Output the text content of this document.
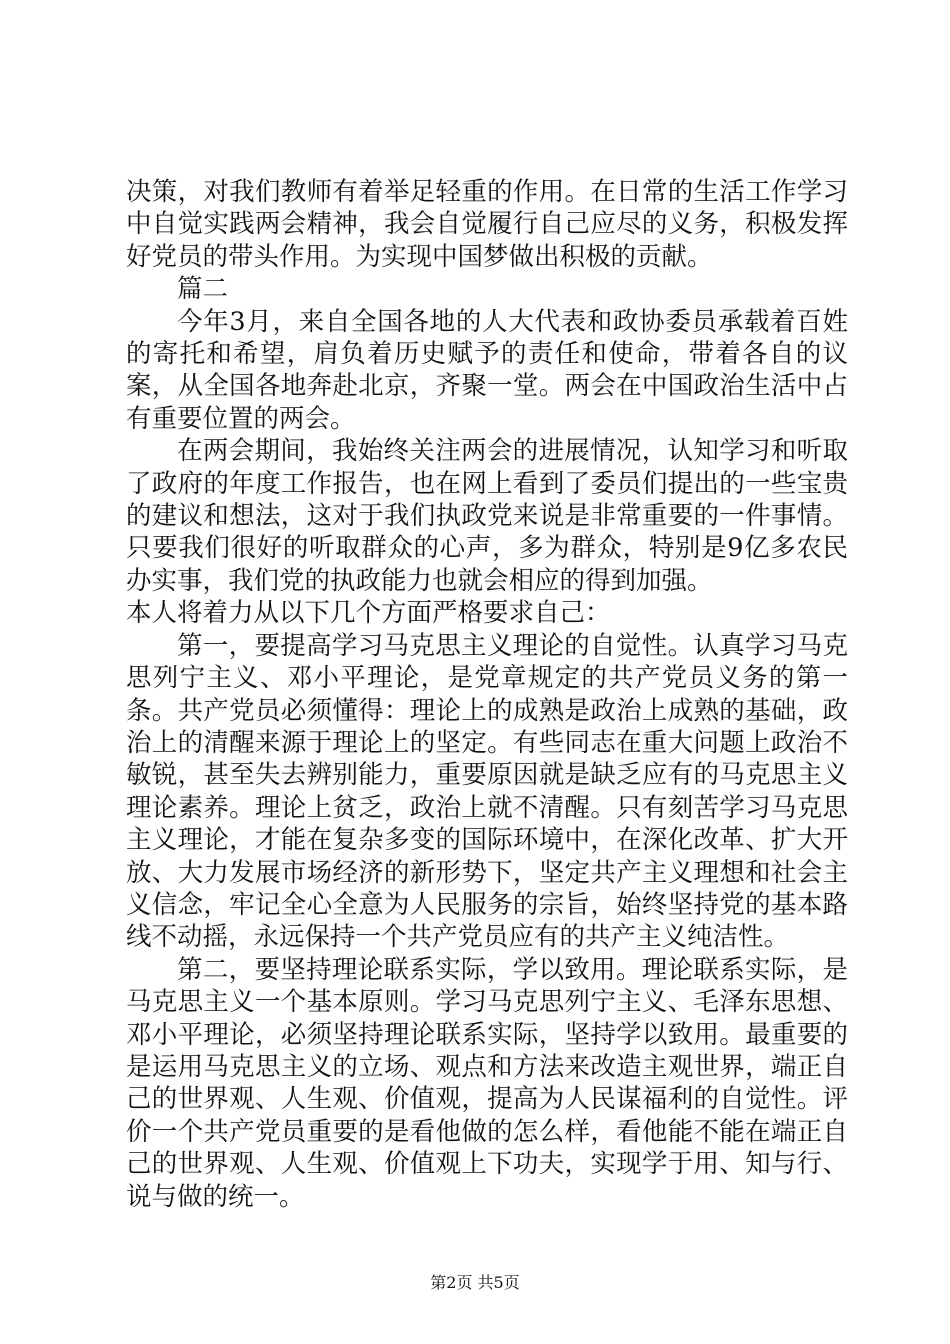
决策，对我们教师有着举足轻重的作用。在日常的生活工作学习中自觉实践两会精神，我会自觉履行自己应尽的义务，积极发挥好党员的带头作用。为实现中国梦做出积极的贡献。

篇二

今年3月，来自全国各地的人大代表和政协委员承载着百姓的寄托和希望，肩负着历史赋予的责任和使命，带着各自的议案，从全国各地奔赴北京，齐聚一堂。两会在中国政治生活中占有重要位置的两会。

在两会期间，我始终关注两会的进展情况，认知学习和听取了政府的年度工作报告，也在网上看到了委员们提出的一些宝贵的建议和想法，这对于我们执政党来说是非常重要的一件事情。只要我们很好的听取群众的心声，多为群众，特别是9亿多农民办实事，我们党的执政能力也就会相应的得到加强。

本人将着力从以下几个方面严格要求自己：

第一，要提高学习马克思主义理论的自觉性。认真学习马克思列宁主义、邓小平理论，是党章规定的共产党员义务的第一条。共产党员必须懂得：理论上的成熟是政治上成熟的基础，政治上的清醒来源于理论上的坚定。有些同志在重大问题上政治不敏锐，甚至失去辨别能力，重要原因就是缺乏应有的马克思主义理论素养。理论上贫乏，政治上就不清醒。只有刻苦学习马克思主义理论，才能在复杂多变的国际环境中，在深化改革、扩大开放、大力发展市场经济的新形势下，坚定共产主义理想和社会主义信念，牢记全心全意为人民服务的宗旨，始终坚持党的基本路线不动摇，永远保持一个共产党员应有的共产主义纯洁性。

第二，要坚持理论联系实际，学以致用。理论联系实际，是马克思主义一个基本原则。学习马克思列宁主义、毛泽东思想、邓小平理论，必须坚持理论联系实际，坚持学以致用。最重要的是运用马克思主义的立场、观点和方法来改造主观世界，端正自己的世界观、人生观、价值观，提高为人民谋福利的自觉性。评价一个共产党员重要的是看他做的怎么样，看他能不能在端正自己的世界观、人生观、价值观上下功夫，实现学于用、知与行、说与做的统一。

第2页 共5页
